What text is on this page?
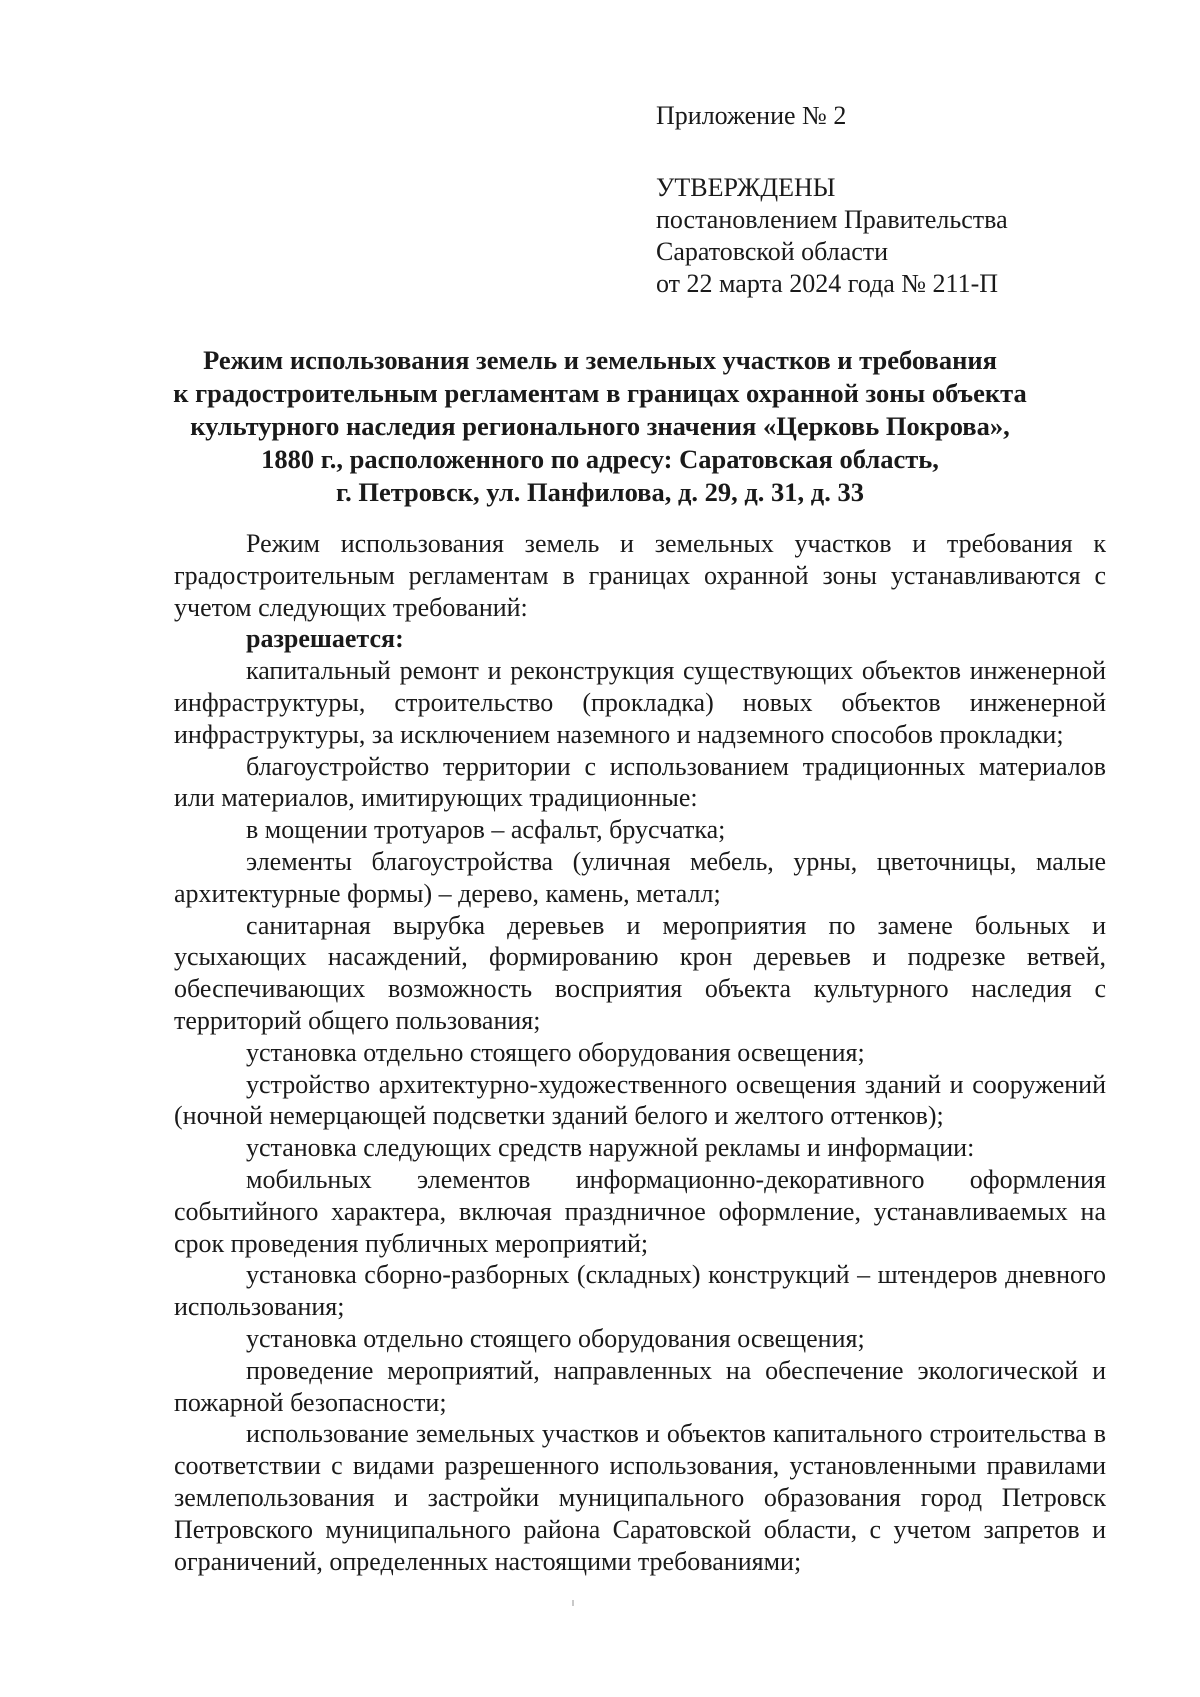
Приложение № 2
УТВЕРЖДЕНЫ
постановлением Правительства
Саратовской области
от 22 марта 2024 года № 211-П
Режим использования земель и земельных участков и требования
к градостроительным регламентам в границах охранной зоны объекта
культурного наследия регионального значения «Церковь Покрова»,
1880 г., расположенного по адресу: Саратовская область,
г. Петровск, ул. Панфилова, д. 29, д. 31, д. 33

Режим использования земель и земельных участков и требования к градостроительным регламентам в границах охранной зоны устанавливаются с учетом следующих требований:

разрешается:

капитальный ремонт и реконструкция существующих объектов инженерной инфраструктуры, строительство (прокладка) новых объектов инженерной инфраструктуры, за исключением наземного и надземного способов прокладки;

благоустройство территории с использованием традиционных материалов или материалов, имитирующих традиционные:

в мощении тротуаров – асфальт, брусчатка;

элементы благоустройства (уличная мебель, урны, цветочницы, малые архитектурные формы) – дерево, камень, металл;

санитарная вырубка деревьев и мероприятия по замене больных и усыхающих насаждений, формированию крон деревьев и подрезке ветвей, обеспечивающих возможность восприятия объекта культурного наследия с территорий общего пользования;

установка отдельно стоящего оборудования освещения;

устройство архитектурно-художественного освещения зданий и сооружений (ночной немерцающей подсветки зданий белого и желтого оттенков);

установка следующих средств наружной рекламы и информации:

мобильных элементов информационно-декоративного оформления событийного характера, включая праздничное оформление, устанавливаемых на срок проведения публичных мероприятий;

установка сборно-разборных (складных) конструкций – штендеров дневного использования;

установка отдельно стоящего оборудования освещения;

проведение мероприятий, направленных на обеспечение экологической и пожарной безопасности;

использование земельных участков и объектов капитального строительства в соответствии с видами разрешенного использования, установленными правилами землепользования и застройки муниципального образования город Петровск Петровского муниципального района Саратовской области, с учетом запретов и ограничений, определенных настоящими требованиями;
